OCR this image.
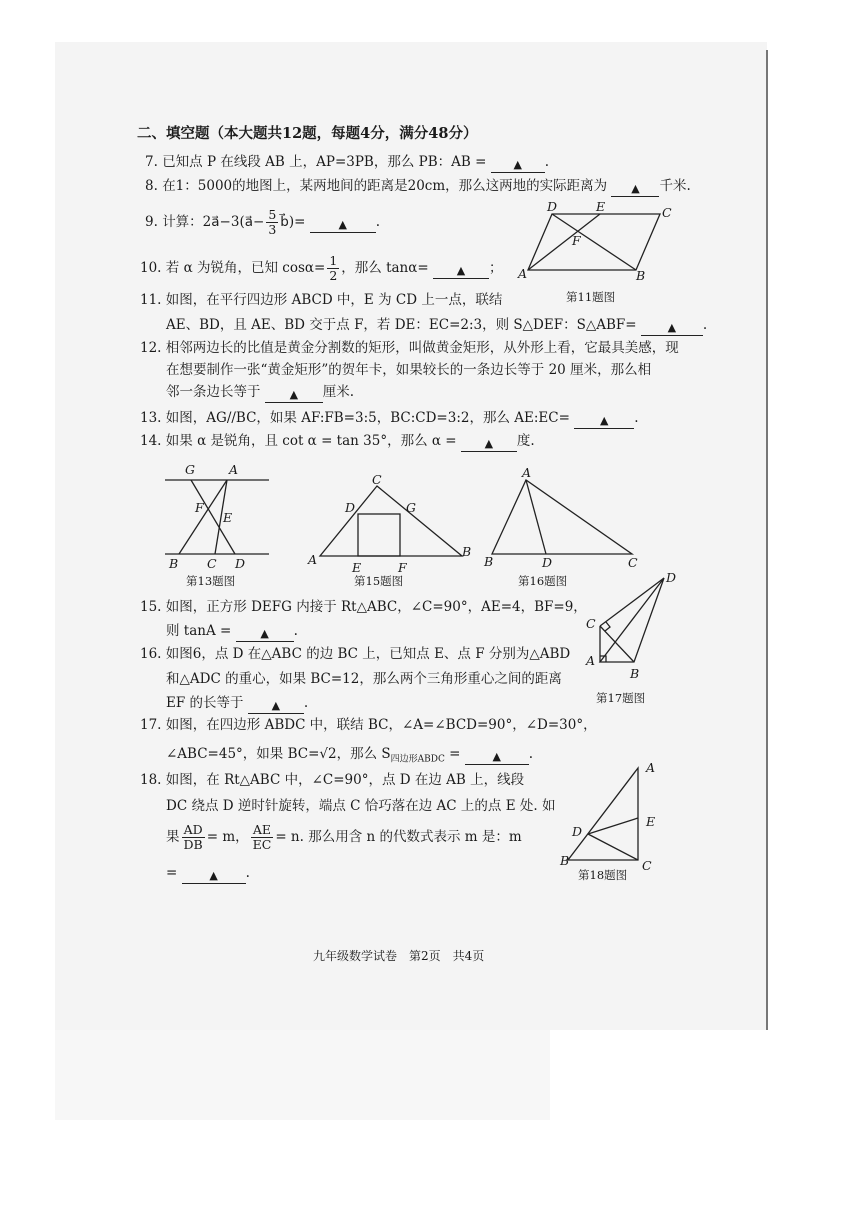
二、填空题（本大题共12题，每题4分，满分48分）
7. 已知点 P 在线段 AB 上，AP=3PB，那么 PB：AB = ▲ .
8. 在1：5000的地图上，某两地间的距离是20cm，那么这两地的实际距离为 ▲ 千米.
9. 计算：2a⃗−3(a⃗− $\frac{5}{3}$ b⃗)=	▲ .
10. 若 α 为锐角，已知 $\cos\alpha= \frac{1}{2}$ ，那么 tanα=	▲ ；
11. 如图，在平行四边形 ABCD 中，E 为 CD 上一点，联结
AE、BD，且 AE、BD 交于点 F，若 DE：EC=2:3，则 S△DEF：S△ABF=	▲ .
12. 相邻两边长的比值是黄金分割数的矩形，叫做黄金矩形，从外形上看，它最具美感，现
在想要制作一张“黄金矩形”的贺年卡，如果较长的一条边长等于 20 厘米，那么相
邻一条边长等于	▲ 厘米.
13. 如图，AG//BC，如果 AF:FB=3:5，BC:CD=3:2，那么 AE:EC=	▲ .
14. 如果 α 是锐角，且 cot α = tan 35°，那么 α =	▲ 度.
D	E	C
F
A	B
第11题图
G	A
F
E
B C D
第13题图
A
B
C
D	G
E	F
第15题图
A
B	D	C
第16题图
15. 如图，正方形 DEFG 内接于 Rt△ABC，∠C=90°，AE=4，BF=9，
则 tanA =	▲ .
D
C
A
B
第17题图
16. 如图6，点 D 在△ABC 的边 BC 上，已知点 E、点 F 分别为△ABD
和△ADC 的重心，如果 BC=12，那么两个三角形重心之间的距离
EF 的长等于	▲ .
17. 如图，在四边形 ABDC 中，联结 BC，∠A=∠BCD=90°，∠D=30°，
∠ABC=45°，如果 BC=√2，那么 $S_{四边形ABDC}$ =	▲ .
18. 如图，在 Rt△ABC 中，∠C=90°，点 D 在边 AB 上，线段
DC 绕点 D 逆时针旋转，端点 C 恰巧落在边 AC 上的点 E 处. 如
果 $\frac{AD}{DB} = m$， $\frac{AE}{EC} = n$. 那么用含 n 的代数式表示 m 是：m
=	▲ .
A
E
D
B	C
第18题图
九年级数学试卷　第2页　共4页
